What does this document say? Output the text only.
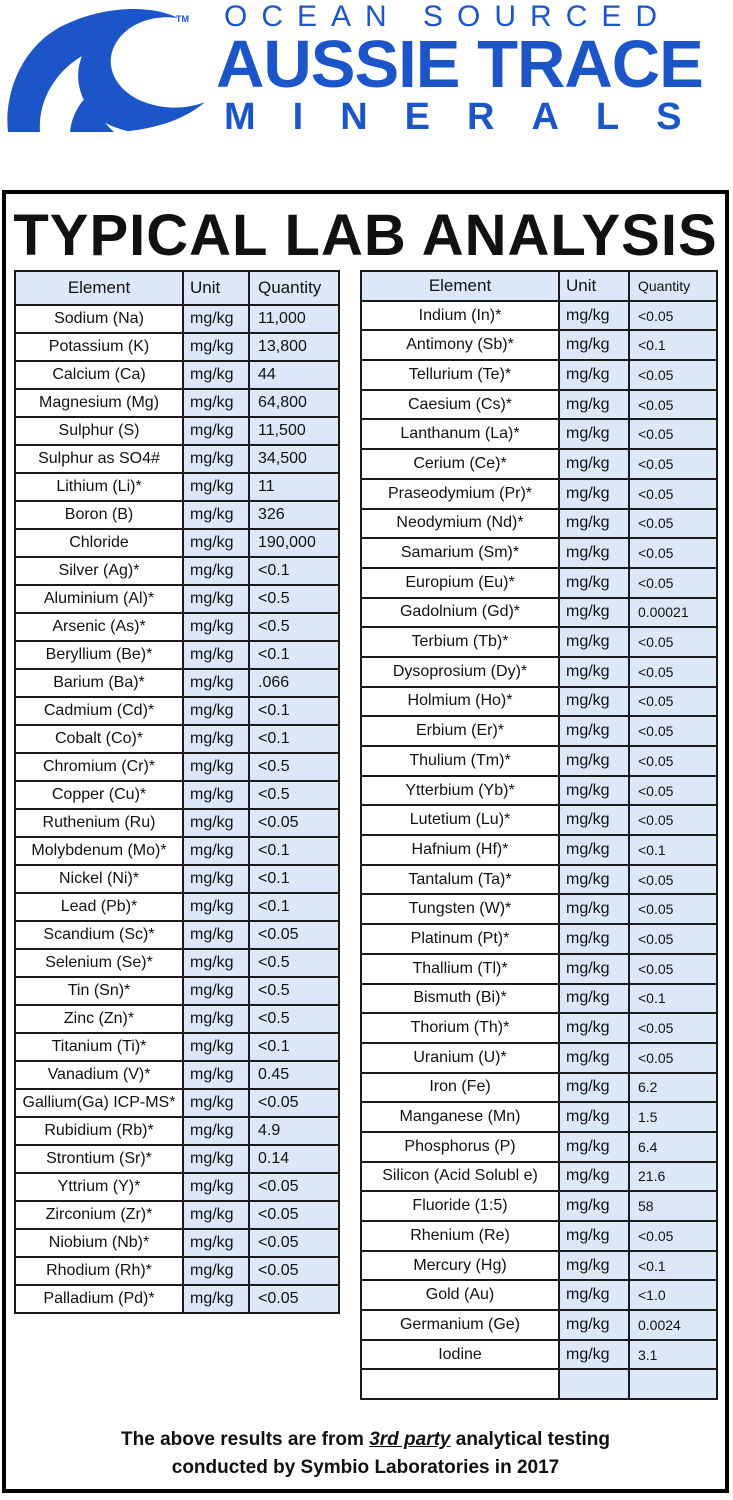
TM OCEAN SOURCED
AUSSIE TRACE
MINERALS
TYPICAL LAB ANALYSIS
Element	Unit	Quantity
Sodium (Na)	mg/kg	11,000
Potassium (K)	mg/kg	13,800
Calcium (Ca)	mg/kg	44
Magnesium (Mg)	mg/kg	64,800
Sulphur (S)	mg/kg	11,500
Sulphur as SO4#	mg/kg	34,500
Lithium (Li)*	mg/kg	11
Boron (B)	mg/kg	326
Chloride	mg/kg	190,000
Silver (Ag)*	mg/kg	<0.1
Aluminium (Al)*	mg/kg	<0.5
Arsenic (As)*	mg/kg	<0.5
Beryllium (Be)*	mg/kg	<0.1
Barium (Ba)*	mg/kg	.066
Cadmium (Cd)*	mg/kg	<0.1
Cobalt (Co)*	mg/kg	<0.1
Chromium (Cr)*	mg/kg	<0.5
Copper (Cu)*	mg/kg	<0.5
Ruthenium (Ru)	mg/kg	<0.05
Molybdenum (Mo)*	mg/kg	<0.1
Nickel (Ni)*	mg/kg	<0.1
Lead (Pb)*	mg/kg	<0.1
Scandium (Sc)*	mg/kg	<0.05
Selenium (Se)*	mg/kg	<0.5
Tin (Sn)*	mg/kg	<0.5
Zinc (Zn)*	mg/kg	<0.5
Titanium (Ti)*	mg/kg	<0.1
Vanadium (V)*	mg/kg	0.45
Gallium(Ga) ICP-MS*	mg/kg	<0.05
Rubidium (Rb)*	mg/kg	4.9
Strontium (Sr)*	mg/kg	0.14
Yttrium (Y)*	mg/kg	<0.05
Zirconium (Zr)*	mg/kg	<0.05
Niobium (Nb)*	mg/kg	<0.05
Rhodium (Rh)*	mg/kg	<0.05
Palladium (Pd)*	mg/kg	<0.05
Element	Unit	Quantity
Indium (In)*	mg/kg	<0.05
Antimony (Sb)*	mg/kg	<0.1
Tellurium (Te)*	mg/kg	<0.05
Caesium (Cs)*	mg/kg	<0.05
Lanthanum (La)*	mg/kg	<0.05
Cerium (Ce)*	mg/kg	<0.05
Praseodymium (Pr)*	mg/kg	<0.05
Neodymium (Nd)*	mg/kg	<0.05
Samarium (Sm)*	mg/kg	<0.05
Europium (Eu)*	mg/kg	<0.05
Gadolnium (Gd)*	mg/kg	0.00021
Terbium (Tb)*	mg/kg	<0.05
Dysoprosium (Dy)*	mg/kg	<0.05
Holmium (Ho)*	mg/kg	<0.05
Erbium (Er)*	mg/kg	<0.05
Thulium (Tm)*	mg/kg	<0.05
Ytterbium (Yb)*	mg/kg	<0.05
Lutetium (Lu)*	mg/kg	<0.05
Hafnium (Hf)*	mg/kg	<0.1
Tantalum (Ta)*	mg/kg	<0.05
Tungsten (W)*	mg/kg	<0.05
Platinum (Pt)*	mg/kg	<0.05
Thallium (Tl)*	mg/kg	<0.05
Bismuth (Bi)*	mg/kg	<0.1
Thorium (Th)*	mg/kg	<0.05
Uranium (U)*	mg/kg	<0.05
Iron (Fe)	mg/kg	6.2
Manganese (Mn)	mg/kg	1.5
Phosphorus (P)	mg/kg	6.4
Silicon (Acid Solubl e)	mg/kg	21.6
Fluoride (1:5)	mg/kg	58
Rhenium (Re)	mg/kg	<0.05
Mercury (Hg)	mg/kg	<0.1
Gold (Au)	mg/kg	<1.0
Germanium (Ge)	mg/kg	0.0024
Iodine	mg/kg	3.1

The above results are from 3rd party analytical testing
conducted by Symbio Laboratories in 2017
